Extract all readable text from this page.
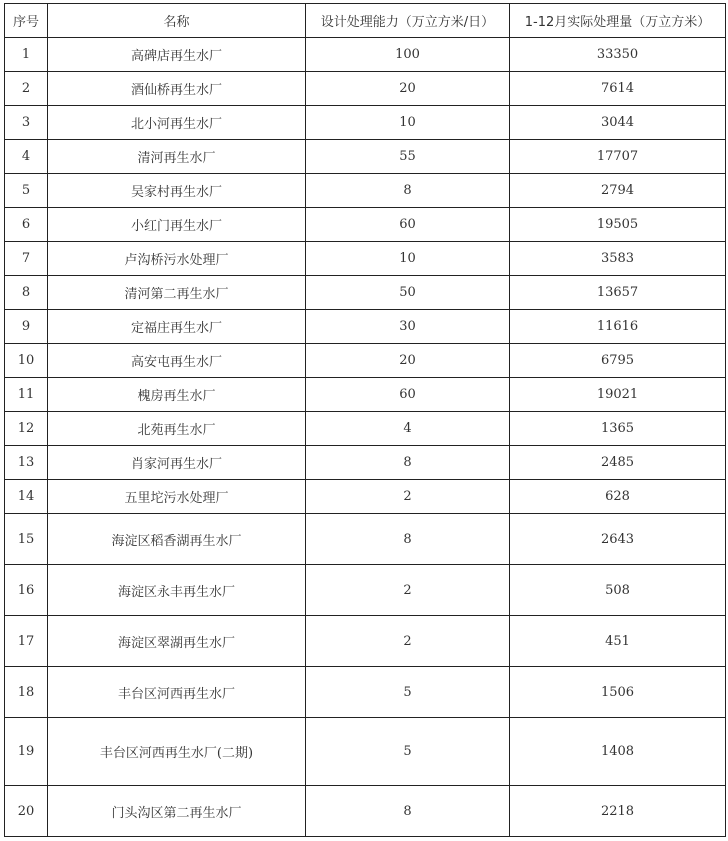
序号	名称	设计处理能力（万立方米/日）	1-12月实际处理量（万立方米）
1	高碑店再生水厂	100	33350
2	酒仙桥再生水厂	20	7614
3	北小河再生水厂	10	3044
4	清河再生水厂	55	17707
5	吴家村再生水厂	8	2794
6	小红门再生水厂	60	19505
7	卢沟桥污水处理厂	10	3583
8	清河第二再生水厂	50	13657
9	定福庄再生水厂	30	11616
10	高安屯再生水厂	20	6795
11	槐房再生水厂	60	19021
12	北苑再生水厂	4	1365
13	肖家河再生水厂	8	2485
14	五里坨污水处理厂	2	628
15	海淀区稻香湖再生水厂	8	2643
16	海淀区永丰再生水厂	2	508
17	海淀区翠湖再生水厂	2	451
18	丰台区河西再生水厂	5	1506
19	丰台区河西再生水厂(二期)	5	1408
20	门头沟区第二再生水厂	8	2218
